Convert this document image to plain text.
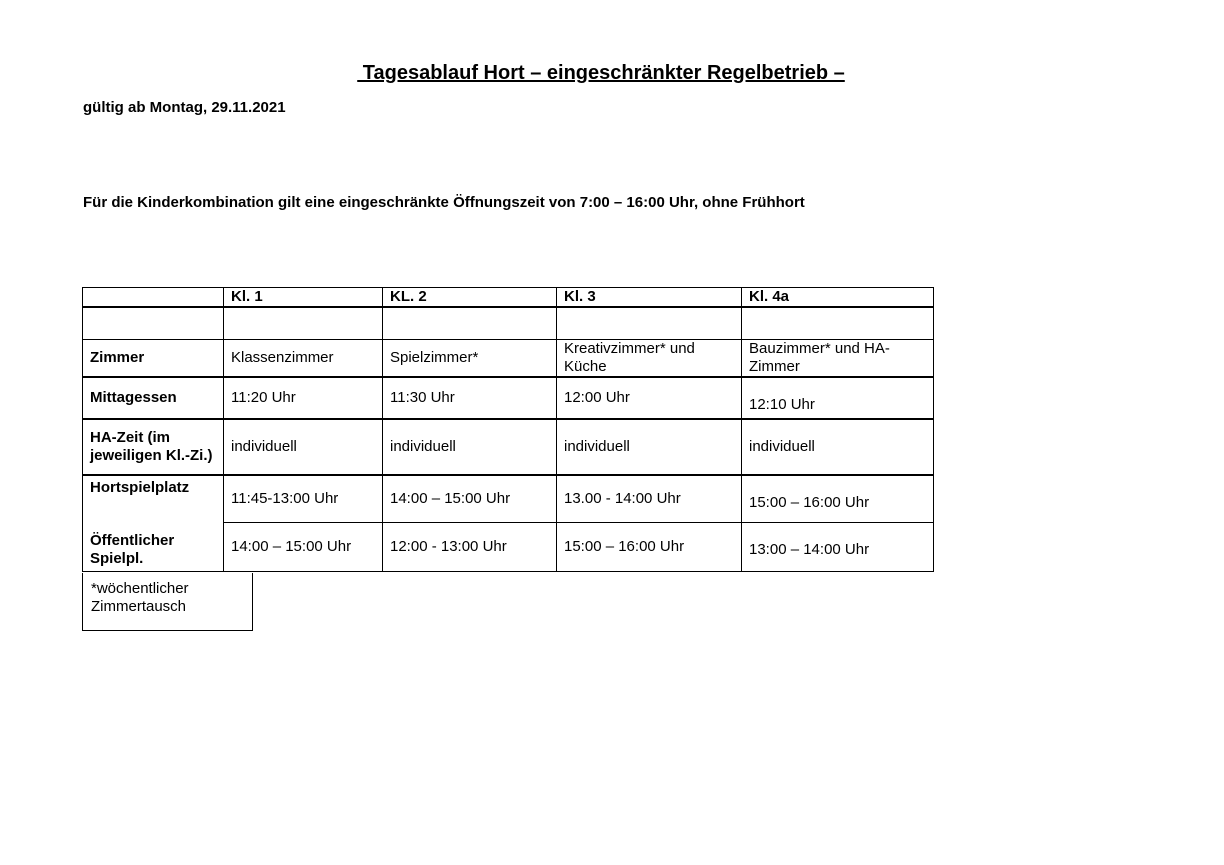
Tagesablauf Hort – eingeschränkter Regelbetrieb –
gültig ab Montag, 29.11.2021
Für die Kinderkombination gilt eine eingeschränkte Öffnungszeit von 7:00 – 16:00 Uhr, ohne Frühhort
	Kl. 1	KL. 2	Kl. 3	Kl. 4a

Zimmer	Klassenzimmer	Spielzimmer*	Kreativzimmer* und Küche	Bauzimmer* und HA-Zimmer
Mittagessen	11:20 Uhr	11:30 Uhr	12:00 Uhr	12:10 Uhr
HA-Zeit (im jeweiligen Kl.-Zi.)	individuell	individuell	individuell	individuell
Hortspielplatz	11:45-13:00 Uhr	14:00 – 15:00 Uhr	13.00 - 14:00 Uhr	15:00 – 16:00 Uhr
Öffentlicher Spielpl.	14:00 – 15:00 Uhr	12:00 - 13:00 Uhr	15:00 – 16:00 Uhr	13:00 – 14:00 Uhr
*wöchentlicher Zimmertausch
